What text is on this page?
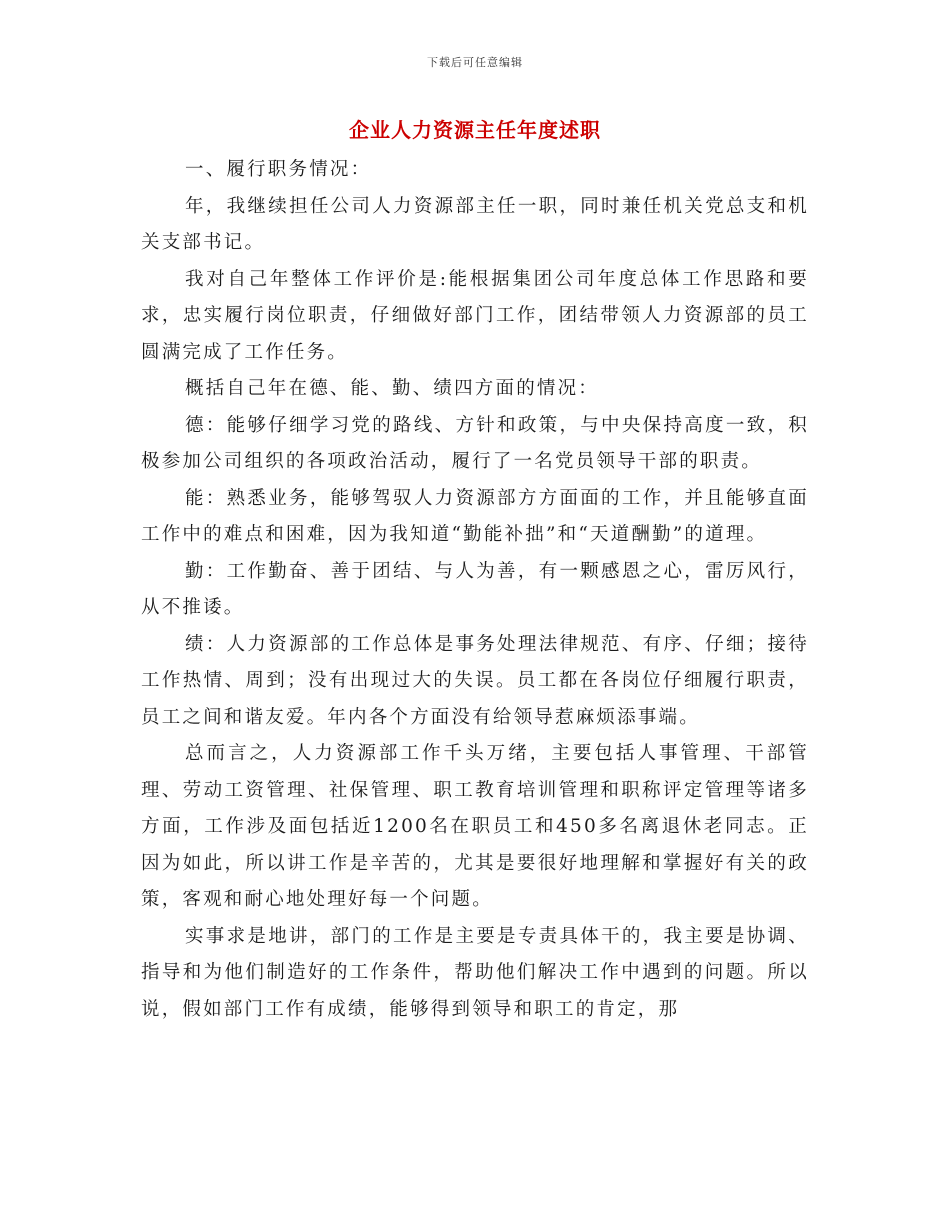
下载后可任意编辑
企业人力资源主任年度述职

一、履行职务情况：

年，我继续担任公司人力资源部主任一职，同时兼任机关党总支和机关支部书记。

我对自己年整体工作评价是:能根据集团公司年度总体工作思路和要求，忠实履行岗位职责，仔细做好部门工作，团结带领人力资源部的员工圆满完成了工作任务。

概括自己年在德、能、勤、绩四方面的情况：

德：能够仔细学习党的路线、方针和政策，与中央保持高度一致，积极参加公司组织的各项政治活动，履行了一名党员领导干部的职责。

能：熟悉业务，能够驾驭人力资源部方方面面的工作，并且能够直面工作中的难点和困难，因为我知道“勤能补拙”和“天道酬勤”的道理。

勤：工作勤奋、善于团结、与人为善，有一颗感恩之心，雷厉风行，从不推诿。

绩：人力资源部的工作总体是事务处理法律规范、有序、仔细；接待工作热情、周到；没有出现过大的失误。员工都在各岗位仔细履行职责，员工之间和谐友爱。年内各个方面没有给领导惹麻烦添事端。

总而言之，人力资源部工作千头万绪，主要包括人事管理、干部管理、劳动工资管理、社保管理、职工教育培训管理和职称评定管理等诸多方面，工作涉及面包括近1200名在职员工和450多名离退休老同志。正因为如此，所以讲工作是辛苦的，尤其是要很好地理解和掌握好有关的政策，客观和耐心地处理好每一个问题。

实事求是地讲，部门的工作是主要是专责具体干的，我主要是协调、指导和为他们制造好的工作条件，帮助他们解决工作中遇到的问题。所以说，假如部门工作有成绩，能够得到领导和职工的肯定，那
